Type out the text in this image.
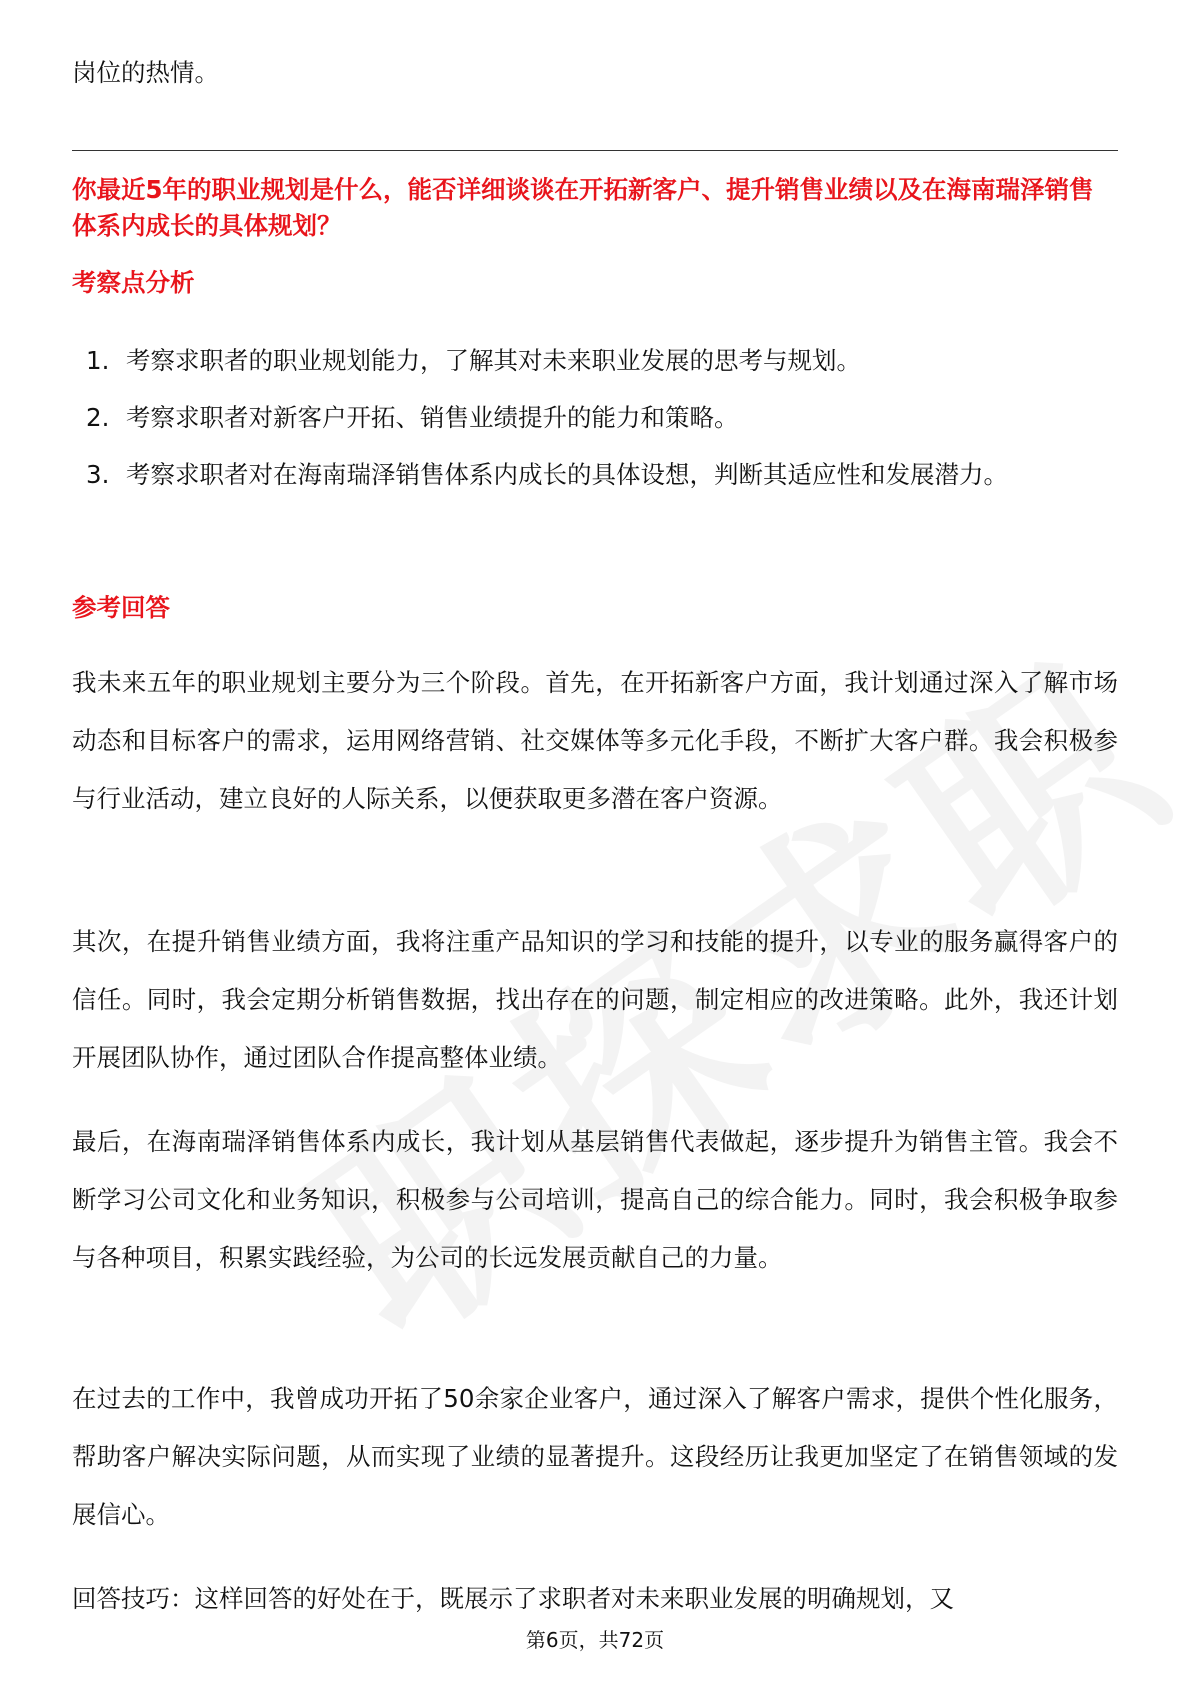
岗位的热情。

你最近5年的职业规划是什么，能否详细谈谈在开拓新客户、提升销售业绩以及在海南瑞泽销售体系内成长的具体规划？

考察点分析
1. 考察求职者的职业规划能力，了解其对未来职业发展的思考与规划。
2. 考察求职者对新客户开拓、销售业绩提升的能力和策略。
3. 考察求职者对在海南瑞泽销售体系内成长的具体设想，判断其适应性和发展潜力。
参考回答

我未来五年的职业规划主要分为三个阶段。首先，在开拓新客户方面，我计划通过深入了解市场动态和目标客户的需求，运用网络营销、社交媒体等多元化手段，不断扩大客户群。我会积极参与行业活动，建立良好的人际关系，以便获取更多潜在客户资源。

其次，在提升销售业绩方面，我将注重产品知识的学习和技能的提升，以专业的服务赢得客户的信任。同时，我会定期分析销售数据，找出存在的问题，制定相应的改进策略。此外，我还计划开展团队协作，通过团队合作提高整体业绩。

最后，在海南瑞泽销售体系内成长，我计划从基层销售代表做起，逐步提升为销售主管。我会不断学习公司文化和业务知识，积极参与公司培训，提高自己的综合能力。同时，我会积极争取参与各种项目，积累实践经验，为公司的长远发展贡献自己的力量。

在过去的工作中，我曾成功开拓了50余家企业客户，通过深入了解客户需求，提供个性化服务，帮助客户解决实际问题，从而实现了业绩的显著提升。这段经历让我更加坚定了在销售领域的发展信心。

回答技巧：这样回答的好处在于，既展示了求职者对未来职业发展的明确规划，又

第6页，共72页
